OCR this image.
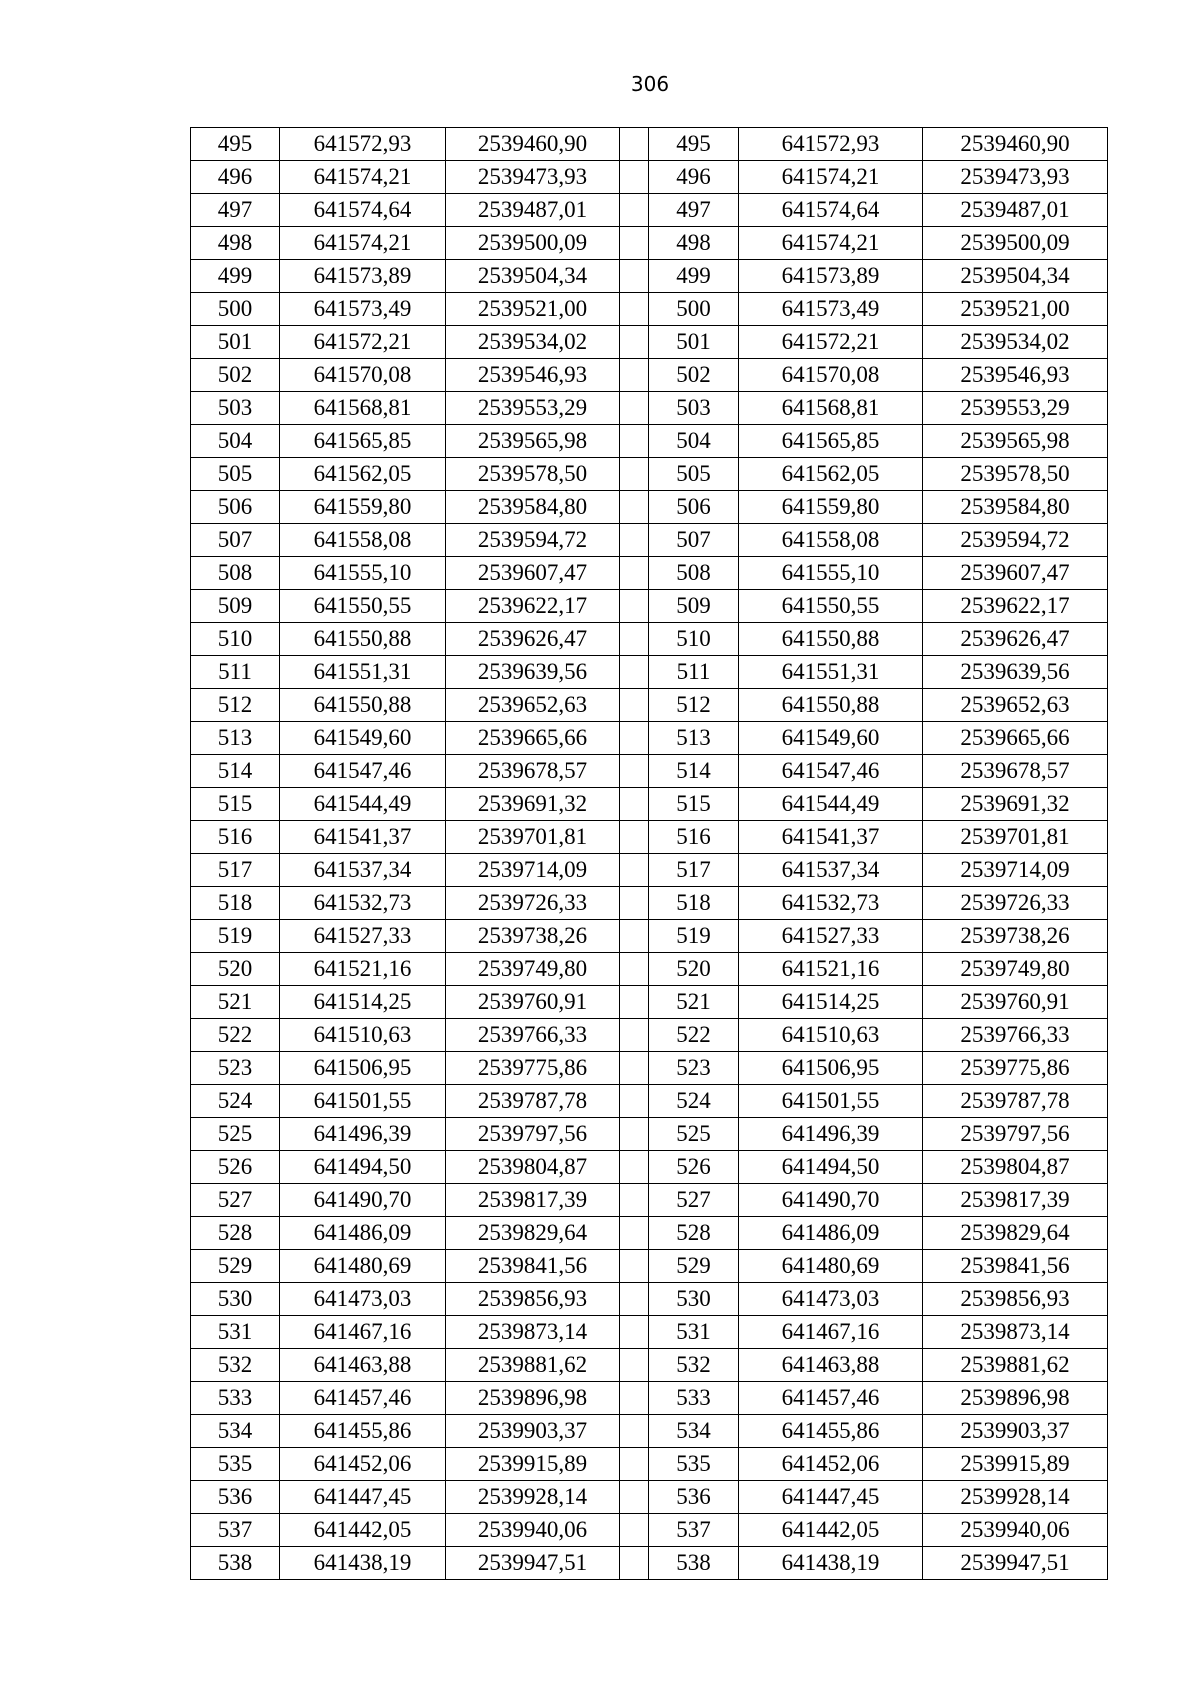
306
495	641572,93	2539460,90		495	641572,93	2539460,90
496	641574,21	2539473,93		496	641574,21	2539473,93
497	641574,64	2539487,01		497	641574,64	2539487,01
498	641574,21	2539500,09		498	641574,21	2539500,09
499	641573,89	2539504,34		499	641573,89	2539504,34
500	641573,49	2539521,00		500	641573,49	2539521,00
501	641572,21	2539534,02		501	641572,21	2539534,02
502	641570,08	2539546,93		502	641570,08	2539546,93
503	641568,81	2539553,29		503	641568,81	2539553,29
504	641565,85	2539565,98		504	641565,85	2539565,98
505	641562,05	2539578,50		505	641562,05	2539578,50
506	641559,80	2539584,80		506	641559,80	2539584,80
507	641558,08	2539594,72		507	641558,08	2539594,72
508	641555,10	2539607,47		508	641555,10	2539607,47
509	641550,55	2539622,17		509	641550,55	2539622,17
510	641550,88	2539626,47		510	641550,88	2539626,47
511	641551,31	2539639,56		511	641551,31	2539639,56
512	641550,88	2539652,63		512	641550,88	2539652,63
513	641549,60	2539665,66		513	641549,60	2539665,66
514	641547,46	2539678,57		514	641547,46	2539678,57
515	641544,49	2539691,32		515	641544,49	2539691,32
516	641541,37	2539701,81		516	641541,37	2539701,81
517	641537,34	2539714,09		517	641537,34	2539714,09
518	641532,73	2539726,33		518	641532,73	2539726,33
519	641527,33	2539738,26		519	641527,33	2539738,26
520	641521,16	2539749,80		520	641521,16	2539749,80
521	641514,25	2539760,91		521	641514,25	2539760,91
522	641510,63	2539766,33		522	641510,63	2539766,33
523	641506,95	2539775,86		523	641506,95	2539775,86
524	641501,55	2539787,78		524	641501,55	2539787,78
525	641496,39	2539797,56		525	641496,39	2539797,56
526	641494,50	2539804,87		526	641494,50	2539804,87
527	641490,70	2539817,39		527	641490,70	2539817,39
528	641486,09	2539829,64		528	641486,09	2539829,64
529	641480,69	2539841,56		529	641480,69	2539841,56
530	641473,03	2539856,93		530	641473,03	2539856,93
531	641467,16	2539873,14		531	641467,16	2539873,14
532	641463,88	2539881,62		532	641463,88	2539881,62
533	641457,46	2539896,98		533	641457,46	2539896,98
534	641455,86	2539903,37		534	641455,86	2539903,37
535	641452,06	2539915,89		535	641452,06	2539915,89
536	641447,45	2539928,14		536	641447,45	2539928,14
537	641442,05	2539940,06		537	641442,05	2539940,06
538	641438,19	2539947,51		538	641438,19	2539947,51
